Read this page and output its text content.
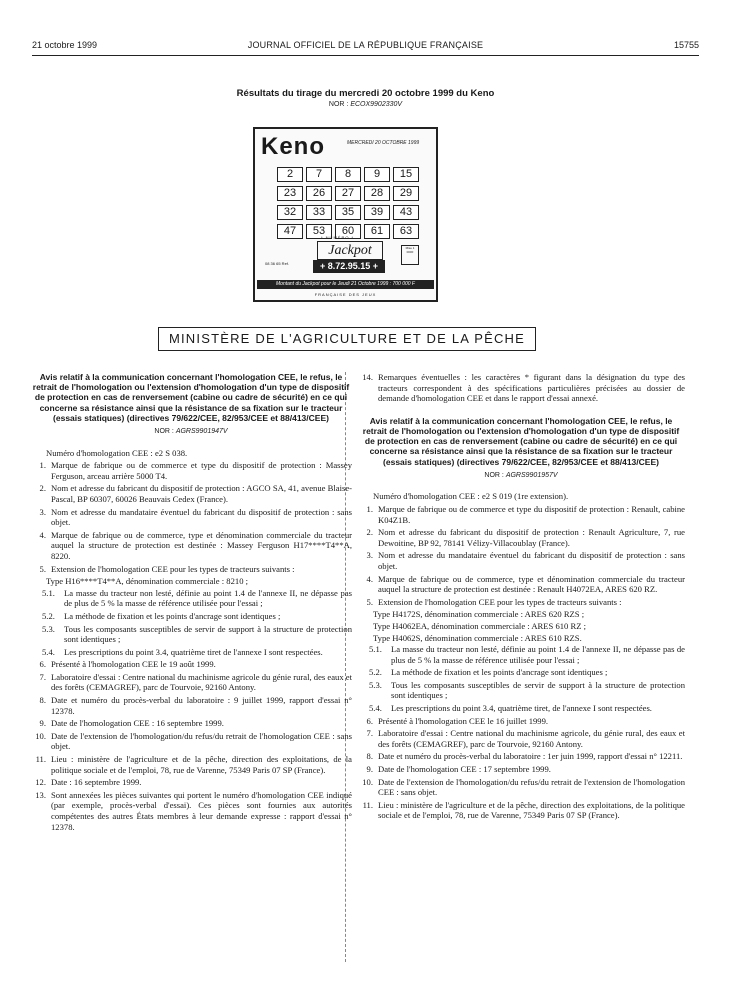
21 octobre 1999	JOURNAL OFFICIEL DE LA RÉPUBLIQUE FRANÇAISE	15755
Résultats du tirage du mercredi 20 octobre 1999 du Keno
NOR : ECOX9902330V
Keno	MERCREDI 20 OCTOBRE 1999
2	7	8	9	15
23	26	27	28	29
32	33	35	39	43
47	53	60	61	63
* NUMÉRO *
Jackpot
+ 8.72.95.15 +
08 36 65 Ref.
Mise 1 000F
Montant du Jackpot pour le Jeudi 21 Octobre 1999 : 700 000 F
FRANÇAISE DES JEUX
MINISTÈRE DE L'AGRICULTURE ET DE LA PÊCHE
Avis relatif à la communication concernant l'homologation CEE, le refus, le retrait de l'homologation ou l'extension d'homologation d'un type de dispositif de protection en cas de renversement (cabine ou cadre de sécurité) en ce qui concerne sa résistance ainsi que la résistance de sa fixation sur le tracteur (essais statiques) (directives 79/622/CEE, 82/953/CEE et 88/413/CEE)
NOR : AGRS9901947V
Numéro d'homologation CEE : e2 S 038.
1. Marque de fabrique ou de commerce et type du dispositif de protection : Massey Ferguson, arceau arrière 5000 T4.
2. Nom et adresse du fabricant du dispositif de protection : AGCO SA, 41, avenue Blaise-Pascal, BP 60307, 60026 Beauvais Cedex (France).
3. Nom et adresse du mandataire éventuel du fabricant du dispositif de protection : sans objet.
4. Marque de fabrique ou de commerce, type et dénomination commerciale du tracteur auquel la structure de protection est destinée : Massey Ferguson H17****T4**A, 8220.
5. Extension de l'homologation CEE pour les types de tracteurs suivants :
Type H16****T4**A, dénomination commerciale : 8210 ;
5.1.	La masse du tracteur non lesté, définie au point 1.4 de l'annexe II, ne dépasse pas de plus de 5 % la masse de référence utilisée pour l'essai ;
5.2.	La méthode de fixation et les points d'ancrage sont identiques ;
5.3.	Tous les composants susceptibles de servir de support à la structure de protection sont identiques ;
5.4.	Les prescriptions du point 3.4, quatrième tiret de l'annexe I sont respectées.
6. Présenté à l'homologation CEE le 19 août 1999.
7. Laboratoire d'essai : Centre national du machinisme agricole du génie rural, des eaux et des forêts (CEMAGREF), parc de Tourvoie, 92160 Antony.
8. Date et numéro du procès-verbal du laboratoire : 9 juillet 1999, rapport d'essai n° 12378.
9. Date de l'homologation CEE : 16 septembre 1999.
10. Date de l'extension de l'homologation/du refus/du retrait de l'homologation CEE : sans objet.
11. Lieu : ministère de l'agriculture et de la pêche, direction des exploitations, de la politique sociale et de l'emploi, 78, rue de Varenne, 75349 Paris 07 SP (France).
12. Date : 16 septembre 1999.
13. Sont annexées les pièces suivantes qui portent le numéro d'homologation CEE indiqué (par exemple, procès-verbal d'essai). Ces pièces sont fournies aux autorités compétentes des autres États membres à leur demande expresse : rapport d'essai n° 12378.
14. Remarques éventuelles : les caractères * figurant dans la désignation du type des tracteurs correspondent à des spécifications particulières précisées au dossier de demande d'homologation CEE et dans le rapport d'essai annexé.
Avis relatif à la communication concernant l'homologation CEE, le refus, le retrait de l'homologation ou l'extension d'homologation d'un type de dispositif de protection en cas de renversement (cabine ou cadre de sécurité) en ce qui concerne sa résistance ainsi que la résistance de sa fixation sur le tracteur (essais statiques) (directives 79/622/CEE, 82/953/CEE et 88/413/CEE)
NOR : AGRS9901957V
Numéro d'homologation CEE : e2 S 019 (1re extension).
1. Marque de fabrique ou de commerce et type du dispositif de protection : Renault, cabine K04Z1B.
2. Nom et adresse du fabricant du dispositif de protection : Renault Agriculture, 7, rue Dewoitine, BP 92, 78141 Vélizy-Villacoublay (France).
3. Nom et adresse du mandataire éventuel du fabricant du dispositif de protection : sans objet.
4. Marque de fabrique ou de commerce, type et dénomination commerciale du tracteur auquel la structure de protection est destinée : Renault H4072EA, ARES 620 RZ.
5. Extension de l'homologation CEE pour les types de tracteurs suivants :
Type H4172S, dénomination commerciale : ARES 620 RZS ;
Type H4062EA, dénomination commerciale : ARES 610 RZ ;
Type H4062S, dénomination commerciale : ARES 610 RZS.
5.1.	La masse du tracteur non lesté, définie au point 1.4 de l'annexe II, ne dépasse pas de plus de 5 % la masse de référence utilisée pour l'essai ;
5.2.	La méthode de fixation et les points d'ancrage sont identiques ;
5.3.	Tous les composants susceptibles de servir de support à la structure de protection sont identiques ;
5.4.	Les prescriptions du point 3.4, quatrième tiret, de l'annexe I sont respectées.
6. Présenté à l'homologation CEE le 16 juillet 1999.
7. Laboratoire d'essai : Centre national du machinisme agricole, du génie rural, des eaux et des forêts (CEMAGREF), parc de Tourvoie, 92160 Antony.
8. Date et numéro du procès-verbal du laboratoire : 1er juin 1999, rapport d'essai n° 12211.
9. Date de l'homologation CEE : 17 septembre 1999.
10. Date de l'extension de l'homologation/du refus/du retrait de l'extension de l'homologation CEE : sans objet.
11. Lieu : ministère de l'agriculture et de la pêche, direction des exploitations, de la politique sociale et de l'emploi, 78, rue de Varenne, 75349 Paris 07 SP (France).
